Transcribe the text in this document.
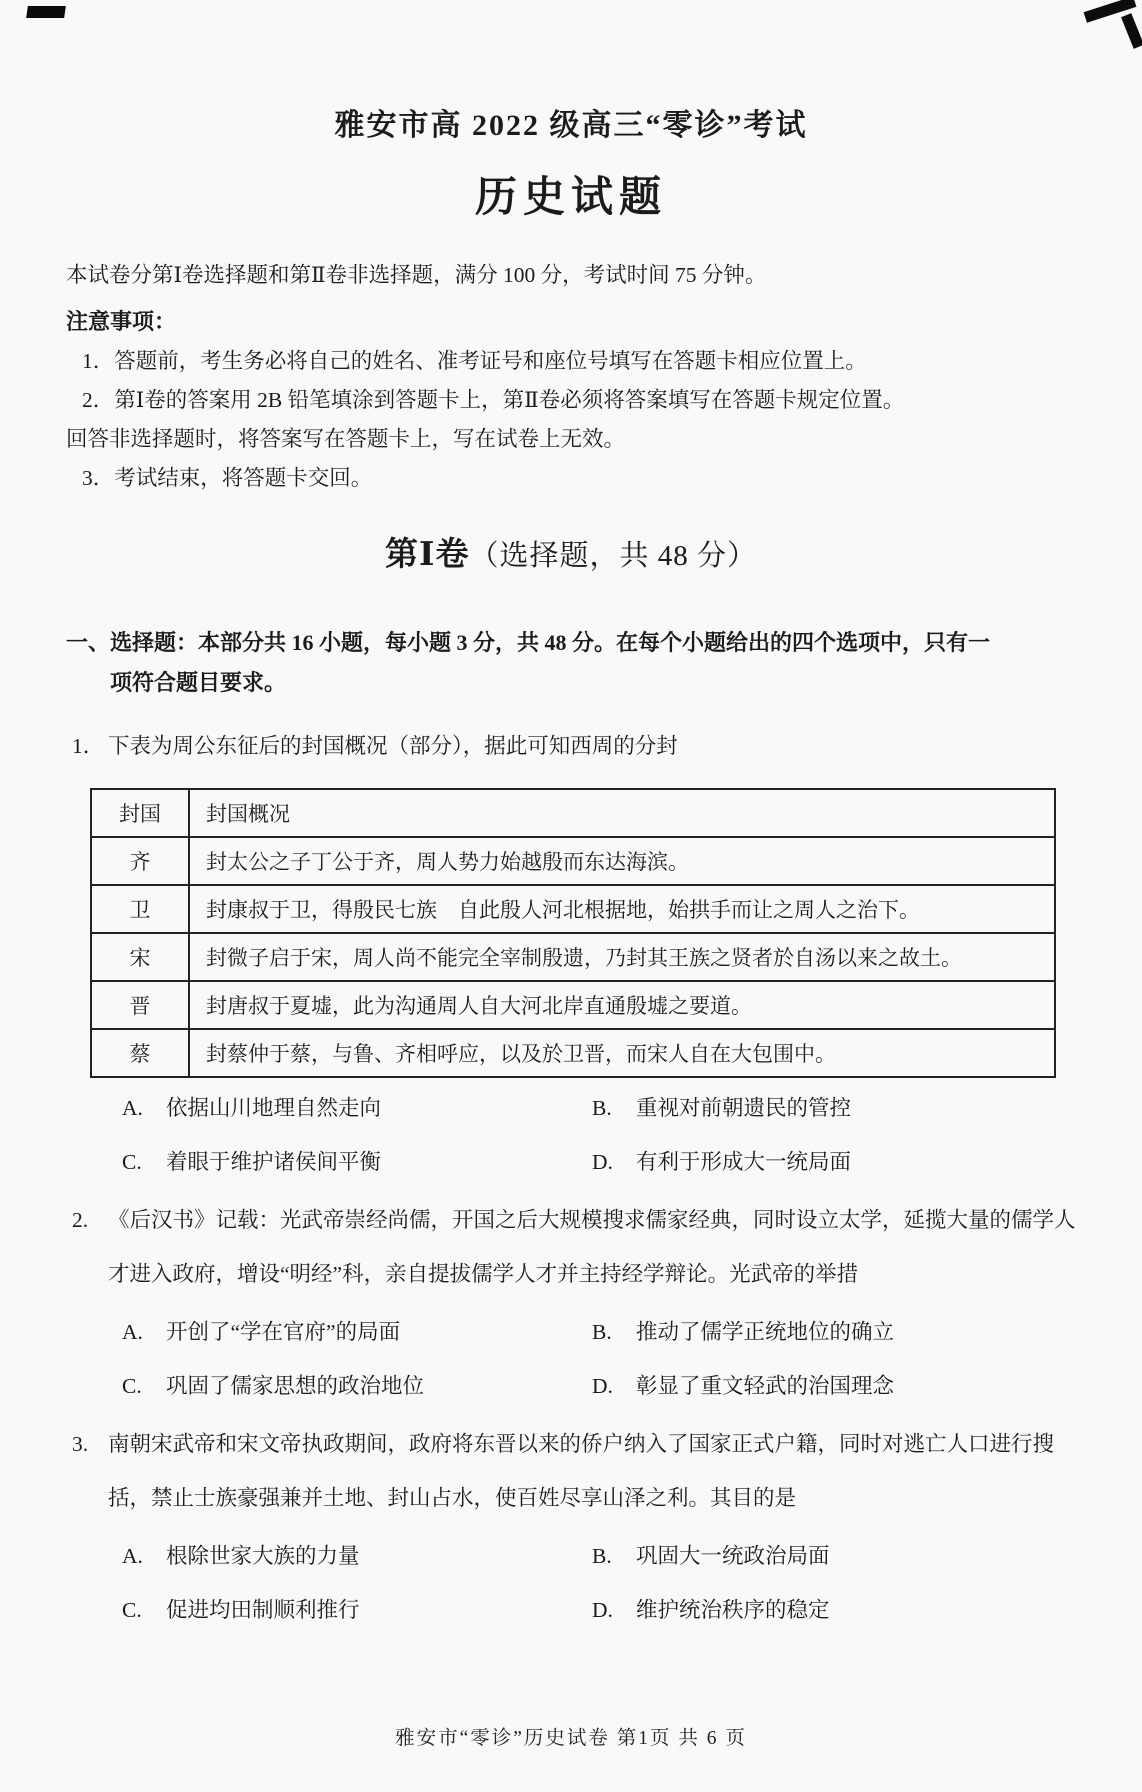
雅安市高 2022 级高三“零诊”考试
历史试题

本试卷分第Ⅰ卷选择题和第Ⅱ卷非选择题，满分 100 分，考试时间 75 分钟。

注意事项：

1．答题前，考生务必将自己的姓名、准考证号和座位号填写在答题卡相应位置上。

2．第Ⅰ卷的答案用 2B 铅笔填涂到答题卡上，第Ⅱ卷必须将答案填写在答题卡规定位置。

回答非选择题时，将答案写在答题卡上，写在试卷上无效。

3．考试结束，将答题卡交回。

第Ⅰ卷（选择题，共 48 分）
一、选择题：本部分共 16 小题，每小题 3 分，共 48 分。在每个小题给出的四个选项中，只有一
项符合题目要求。
1． 下表为周公东征后的封国概况（部分），据此可知西周的分封
封国	封国概况
齐	封太公之子丁公于齐，周人势力始越殷而东达海滨。
卫	封康叔于卫，得殷民七族　自此殷人河北根据地，始拱手而让之周人之治下。
宋	封微子启于宋，周人尚不能完全宰制殷遗，乃封其王族之贤者於自汤以来之故土。
晋	封唐叔于夏墟，此为沟通周人自大河北岸直通殷墟之要道。
蔡	封蔡仲于蔡，与鲁、齐相呼应，以及於卫晋，而宋人自在大包围中。
A.	依据山川地理自然走向	B.	重视对前朝遗民的管控
C.	着眼于维护诸侯间平衡	D.	有利于形成大一统局面
2. 《后汉书》记载：光武帝崇经尚儒，开国之后大规模搜求儒家经典，同时设立太学，延揽大量的儒学人才进入政府，增设“明经”科，亲自提拔儒学人才并主持经学辩论。光武帝的举措
A.	开创了“学在官府”的局面	B.	推动了儒学正统地位的确立
C.	巩固了儒家思想的政治地位	D.	彰显了重文轻武的治国理念
3. 南朝宋武帝和宋文帝执政期间，政府将东晋以来的侨户纳入了国家正式户籍，同时对逃亡人口进行搜括，禁止士族豪强兼并土地、封山占水，使百姓尽享山泽之利。其目的是
A.	根除世家大族的力量	B.	巩固大一统政治局面
C.	促进均田制顺利推行	D.	维护统治秩序的稳定
雅安市“零诊”历史试卷 第1页 共 6 页
